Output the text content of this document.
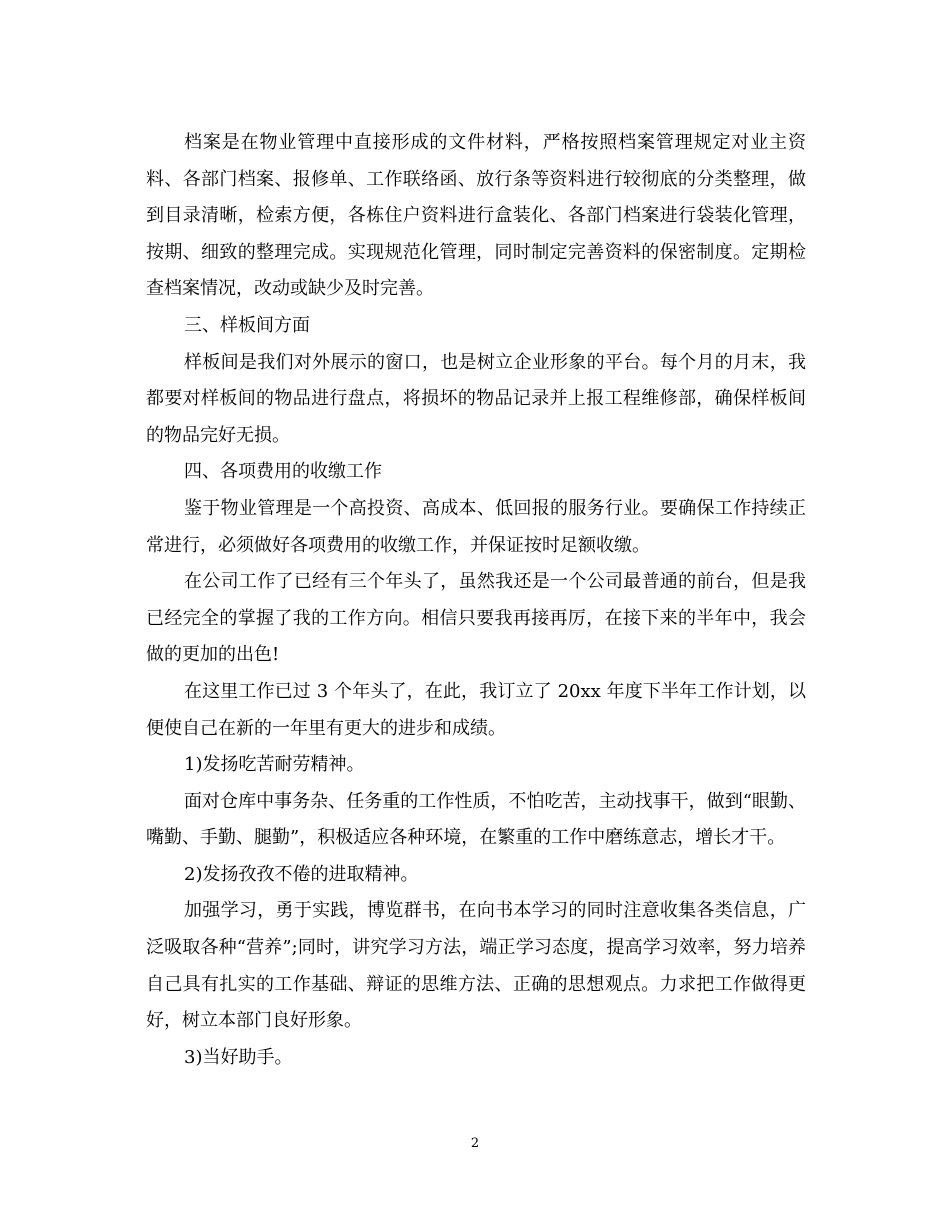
档案是在物业管理中直接形成的文件材料，严格按照档案管理规定对业主资料、各部门档案、报修单、工作联络函、放行条等资料进行较彻底的分类整理，做到目录清晰，检索方便，各栋住户资料进行盒装化、各部门档案进行袋装化管理，按期、细致的整理完成。实现规范化管理，同时制定完善资料的保密制度。定期检查档案情况，改动或缺少及时完善。

三、样板间方面

样板间是我们对外展示的窗口，也是树立企业形象的平台。每个月的月末，我都要对样板间的物品进行盘点，将损坏的物品记录并上报工程维修部，确保样板间的物品完好无损。

四、各项费用的收缴工作

鉴于物业管理是一个高投资、高成本、低回报的服务行业。要确保工作持续正常进行，必须做好各项费用的收缴工作，并保证按时足额收缴。

在公司工作了已经有三个年头了，虽然我还是一个公司最普通的前台，但是我已经完全的掌握了我的工作方向。相信只要我再接再厉，在接下来的半年中，我会做的更加的出色!

在这里工作已过 3 个年头了，在此，我订立了 20xx 年度下半年工作计划，以便使自己在新的一年里有更大的进步和成绩。

1)发扬吃苦耐劳精神。

面对仓库中事务杂、任务重的工作性质，不怕吃苦，主动找事干，做到“眼勤、嘴勤、手勤、腿勤”，积极适应各种环境，在繁重的工作中磨练意志，增长才干。

2)发扬孜孜不倦的进取精神。

加强学习，勇于实践，博览群书，在向书本学习的同时注意收集各类信息，广泛吸取各种“营养”;同时，讲究学习方法，端正学习态度，提高学习效率，努力培养自己具有扎实的工作基础、辩证的思维方法、正确的思想观点。力求把工作做得更好，树立本部门良好形象。

3)当好助手。

2
